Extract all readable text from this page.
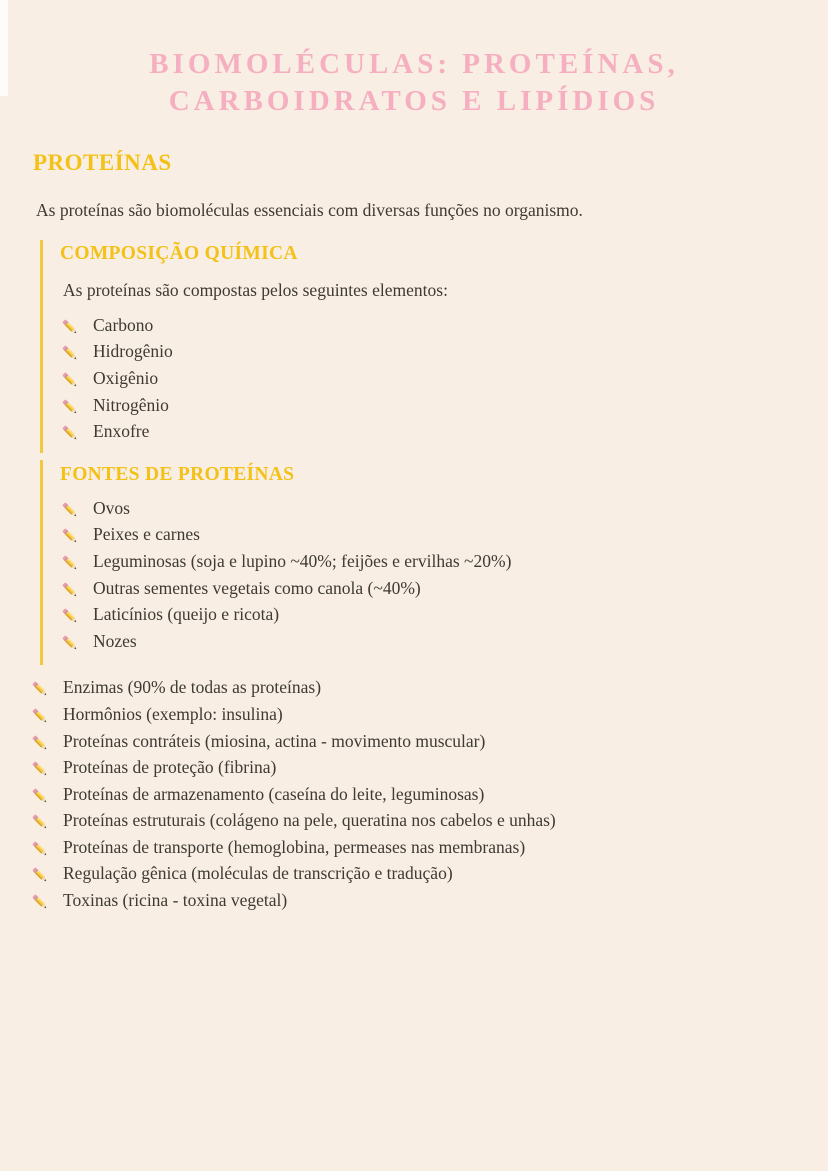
BIOMOLÉCULAS: PROTEÍNAS,
CARBOIDRATOS E LIPÍDIOS
PROTEÍNAS

As proteínas são biomoléculas essenciais com diversas funções no organismo.

COMPOSIÇÃO QUÍMICA

As proteínas são compostas pelos seguintes elementos:

Carbono
Hidrogênio
Oxigênio
Nitrogênio
Enxofre
FONTES DE PROTEÍNAS
Ovos
Peixes e carnes
Leguminosas (soja e lupino ~40%; feijões e ervilhas ~20%)
Outras sementes vegetais como canola (~40%)
Laticínios (queijo e ricota)
Nozes
Enzimas (90% de todas as proteínas)
Hormônios (exemplo: insulina)
Proteínas contráteis (miosina, actina - movimento muscular)
Proteínas de proteção (fibrina)
Proteínas de armazenamento (caseína do leite, leguminosas)
Proteínas estruturais (colágeno na pele, queratina nos cabelos e unhas)
Proteínas de transporte (hemoglobina, permeases nas membranas)
Regulação gênica (moléculas de transcrição e tradução)
Toxinas (ricina - toxina vegetal)
